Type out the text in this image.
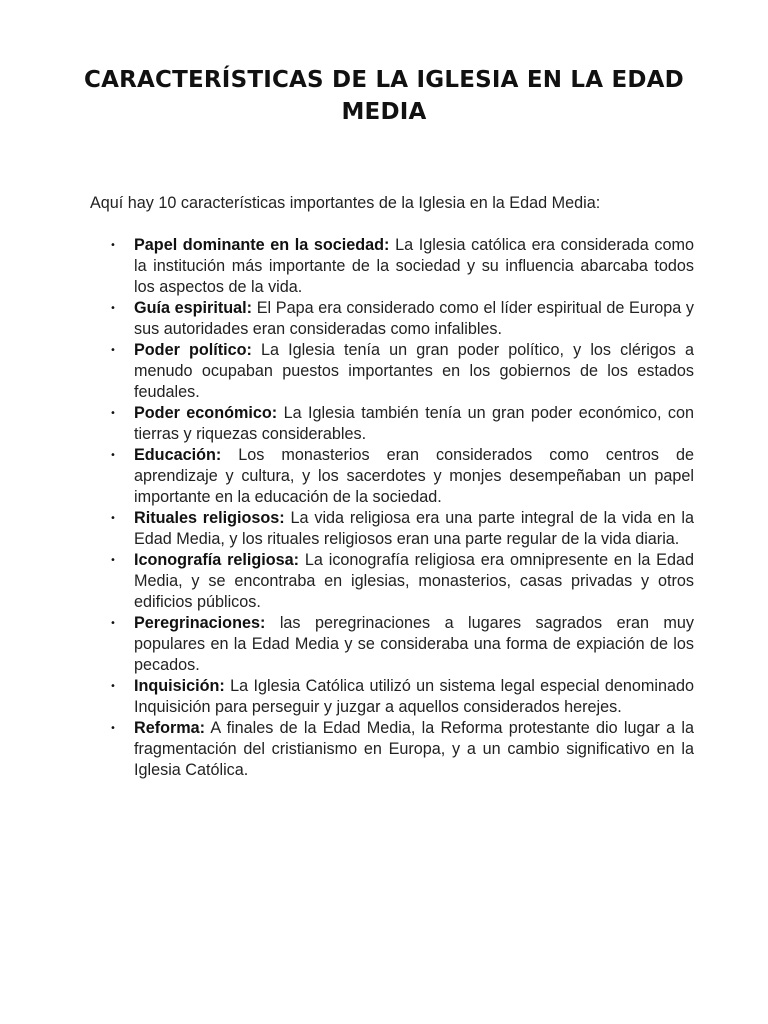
CARACTERÍSTICAS DE LA IGLESIA EN LA EDAD MEDIA

Aquí hay 10 características importantes de la Iglesia en la Edad Media:

• Papel dominante en la sociedad: La Iglesia católica era considerada como la institución más importante de la sociedad y su influencia abarcaba todos los aspectos de la vida.
• Guía espiritual: El Papa era considerado como el líder espiritual de Europa y sus autoridades eran consideradas como infalibles.
• Poder político: La Iglesia tenía un gran poder político, y los clérigos a menudo ocupaban puestos importantes en los gobiernos de los estados feudales.
• Poder económico: La Iglesia también tenía un gran poder económico, con tierras y riquezas considerables.
• Educación: Los monasterios eran considerados como centros de aprendizaje y cultura, y los sacerdotes y monjes desempeñaban un papel importante en la educación de la sociedad.
• Rituales religiosos: La vida religiosa era una parte integral de la vida en la Edad Media, y los rituales religiosos eran una parte regular de la vida diaria.
• Iconografía religiosa: La iconografía religiosa era omnipresente en la Edad Media, y se encontraba en iglesias, monasterios, casas privadas y otros edificios públicos.
• Peregrinaciones: las peregrinaciones a lugares sagrados eran muy populares en la Edad Media y se consideraba una forma de expiación de los pecados.
• Inquisición: La Iglesia Católica utilizó un sistema legal especial denominado Inquisición para perseguir y juzgar a aquellos considerados herejes.
• Reforma: A finales de la Edad Media, la Reforma protestante dio lugar a la fragmentación del cristianismo en Europa, y a un cambio significativo en la Iglesia Católica.
